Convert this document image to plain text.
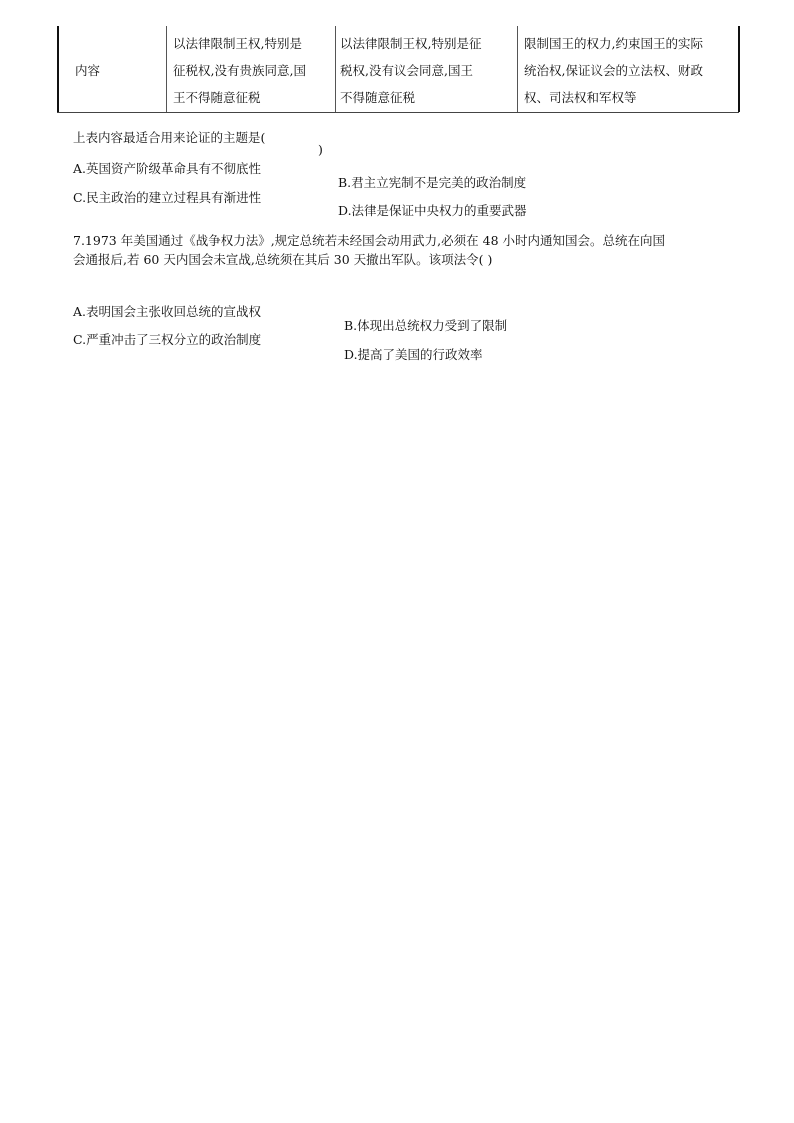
内容
以法律限制王权,特别是
征税权,没有贵族同意,国
王不得随意征税
以法律限制王权,特别是征
税权,没有议会同意,国王
不得随意征税
限制国王的权力,约束国王的实际
统治权,保证议会的立法权、财政
权、司法权和军权等
上表内容最适合用来论证的主题是(
)
A.英国资产阶级革命具有不彻底性
B.君主立宪制不是完美的政治制度
C.民主政治的建立过程具有渐进性
D.法律是保证中央权力的重要武器
7.1973 年美国通过《战争权力法》,规定总统若未经国会动用武力,必须在 48 小时内通知国会。总统在向国
会通报后,若 60 天内国会未宣战,总统须在其后 30 天撤出军队。该项法令( )
A.表明国会主张收回总统的宣战权
B.体现出总统权力受到了限制
C.严重冲击了三权分立的政治制度
D.提高了美国的行政效率
